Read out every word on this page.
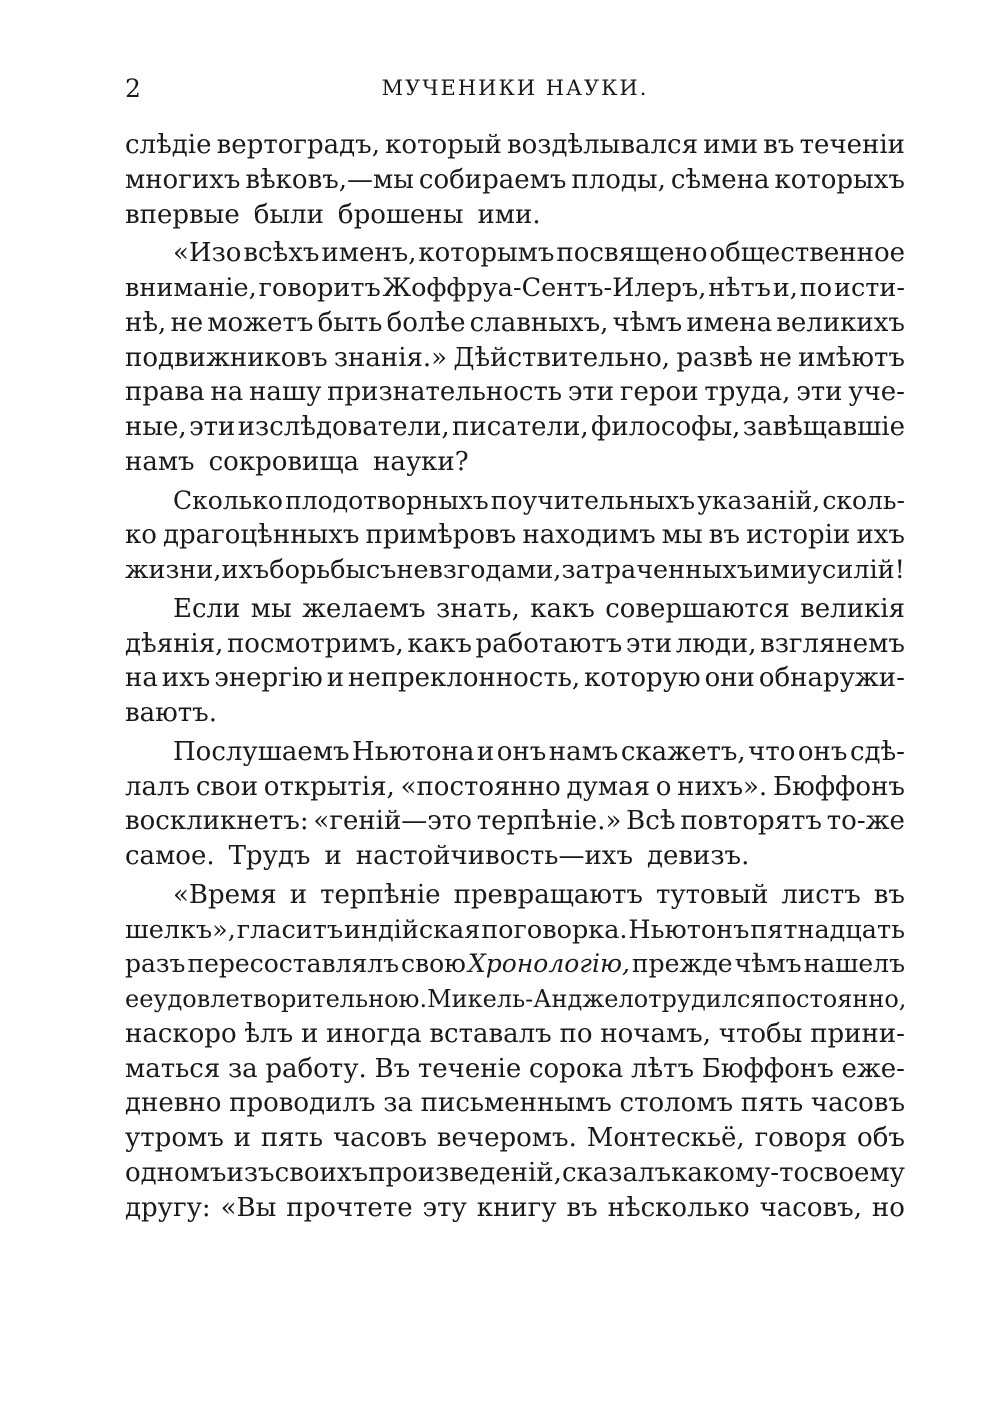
2	МУЧЕНИКИ НАУКИ.
слѣдіе вертоградъ, который воздѣлывался ими въ теченіи
многихъ вѣковъ,—мы собираемъ плоды, сѣмена которыхъ
впервые были брошены ими.
«Изо всѣхъ именъ, которымъ посвящено общественное
вниманіе, говоритъ Жоффруа-Сентъ-Илеръ, нѣтъ и, по исти-
нѣ, не можетъ быть болѣе славныхъ, чѣмъ имена великихъ
подвижниковъ знанія.» Дѣйствительно, развѣ не имѣютъ
права на нашу признательность эти герои труда, эти уче-
ные, эти изслѣдователи, писатели, философы, завѣщавшіе
намъ сокровища науки?
Сколько плодотворныхъ поучительныхъ указаній, сколь-
ко драгоцѣнныхъ примѣровъ находимъ мы въ исторіи ихъ
жизни, ихъ борьбы съ невзгодами, затраченныхъ ими усилій!
Если мы желаемъ знать, какъ совершаются великія
дѣянія, посмотримъ, какъ работаютъ эти люди, взглянемъ
на ихъ энергію и непреклонность, которую они обнаружи-
ваютъ.
Послушаемъ Ньютона и онъ намъ скажетъ, что онъ сдѣ-
лалъ свои открытія, «постоянно думая о нихъ». Бюффонъ
воскликнетъ: «геній—это терпѣніе.» Всѣ повторятъ то-же
самое. Трудъ и настойчивость—ихъ девизъ.
«Время и терпѣніе превращаютъ тутовый листъ въ
шелкъ», гласитъ индійская поговорка. Ньютонъ пятнадцать
разъ пересоставлялъ свою Хронологію, прежде чѣмъ нашелъ
ее удовлетворительною. Микель-Анджело трудился постоянно,
наскоро ѣлъ и иногда вставалъ по ночамъ, чтобы прини-
маться за работу. Въ теченіе сорока лѣтъ Бюффонъ еже-
дневно проводилъ за письменнымъ столомъ пять часовъ
утромъ и пять часовъ вечеромъ. Монтескьё, говоря объ
одномъ изъ своихъ произведеній, сказалъ какому-то своему
другу: «Вы прочтете эту книгу въ нѣсколько часовъ, но
